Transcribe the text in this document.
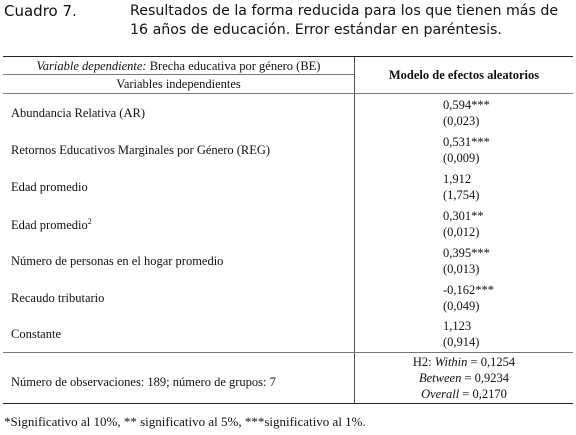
Cuadro 7.	Resultados de la forma reducida para los que tienen más de 16 años de educación. Error estándar en paréntesis.
Variable dependiente: Brecha educativa por género (BE)
Variables independientes
Modelo de efectos aleatorios
Abundancia Relativa (AR)
0,594***
(0,023)
Retornos Educativos Marginales por Género (REG)
0,531***
(0,009)
Edad promedio
1,912
(1,754)
Edad promedio$^2$	0,301**
(0,012)
Número de personas en el hogar promedio
0,395***
(0,013)
Recaudo tributario
-0,162***
(0,049)
Constante
1,123
(0,914)
Número de observaciones: 189; número de grupos: 7
H2: Within = 0,1254
Between = 0,9234
Overall = 0,2170
*Significativo al 10%, ** significativo al 5%, ***significativo al 1%.
